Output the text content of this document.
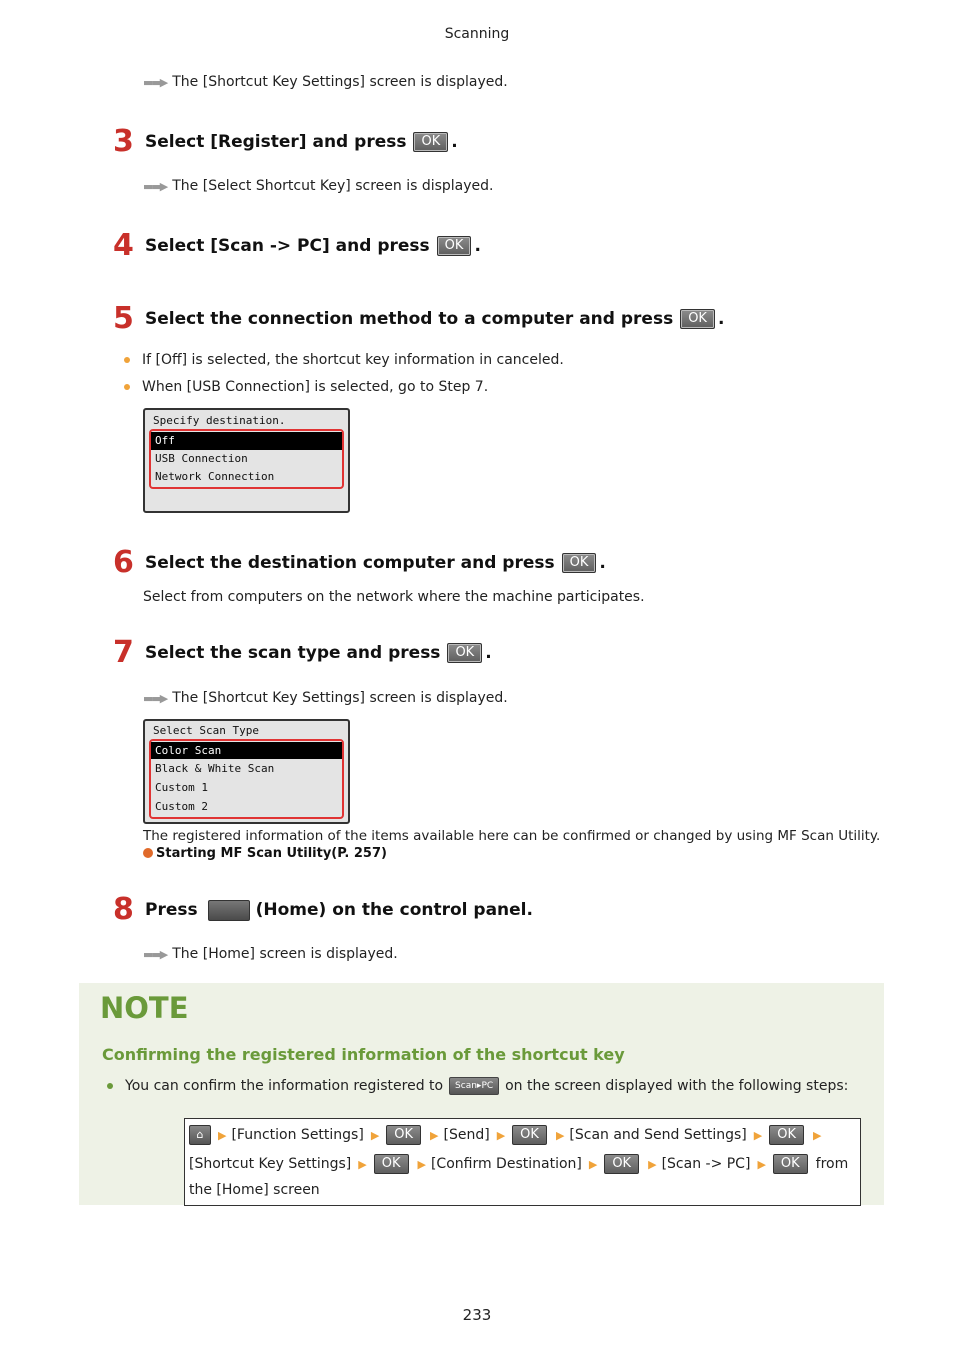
Scanning
▬▬▶ The [Shortcut Key Settings] screen is displayed.
3 Select [Register] and press	OK .
▬▬▶ The [Select Shortcut Key] screen is displayed.
4 Select [Scan -> PC] and press	OK .
5 Select the connection method to a computer and press	OK .
If [Off] is selected, the shortcut key information in canceled.
When [USB Connection] is selected, go to Step 7.
Specify destination.
Off
USB Connection
Network Connection
6 Select the destination computer and press	OK .
Select from computers on the network where the machine participates.
7 Select the scan type and press	OK .
▬▬▶ The [Shortcut Key Settings] screen is displayed.
Select Scan Type
Color Scan
Black & White Scan
Custom 1
Custom 2
The registered information of the items available here can be confirmed or changed by using MF Scan Utility.
Starting MF Scan Utility(P. 257)
8 Press	(Home) on the control panel.
▬▬▶ The [Home] screen is displayed.
NOTE
Confirming the registered information of the shortcut key
You can confirm the information registered to	Scan▸PC on the screen displayed with the following steps:
⌂	▶ [Function Settings] ▶	OK	▶ [Send] ▶	OK	▶ [Scan and Send Settings] ▶	OK	▶
[Shortcut Key Settings] ▶	OK	▶ [Confirm Destination] ▶	OK	▶ [Scan -> PC] ▶	OK	from
the [Home] screen
233
